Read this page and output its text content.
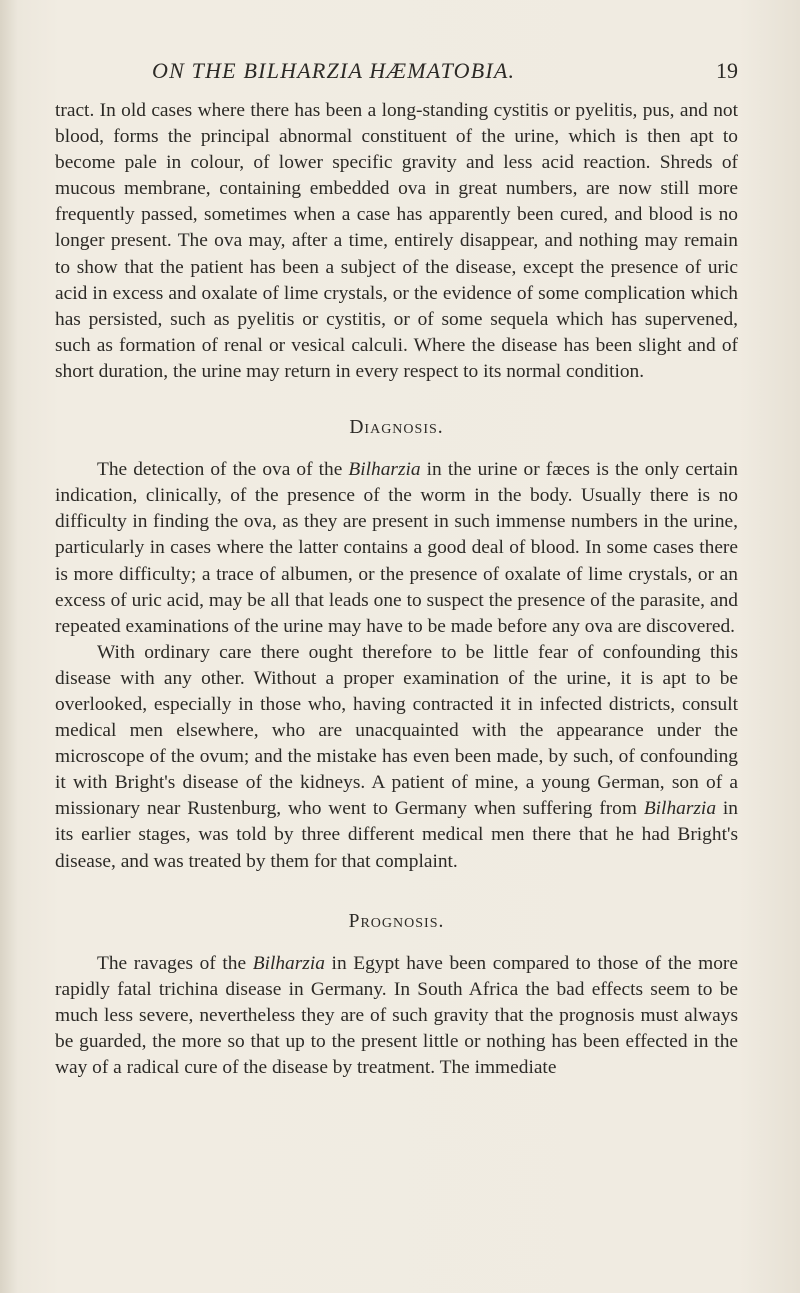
ON THE BILHARZIA HÆMATOBIA.	19

tract. In old cases where there has been a long-standing cystitis or pyelitis, pus, and not blood, forms the principal abnormal constituent of the urine, which is then apt to become pale in colour, of lower specific gravity and less acid reaction. Shreds of mucous membrane, containing embedded ova in great numbers, are now still more frequently passed, sometimes when a case has apparently been cured, and blood is no longer present. The ova may, after a time, entirely disappear, and nothing may remain to show that the patient has been a subject of the disease, except the presence of uric acid in excess and oxalate of lime crystals, or the evidence of some complication which has persisted, such as pyelitis or cystitis, or of some sequela which has supervened, such as formation of renal or vesical calculi. Where the disease has been slight and of short duration, the urine may return in every respect to its normal condition.

Diagnosis.

The detection of the ova of the Bilharzia in the urine or fæces is the only certain indication, clinically, of the presence of the worm in the body. Usually there is no difficulty in finding the ova, as they are present in such immense numbers in the urine, particularly in cases where the latter contains a good deal of blood. In some cases there is more difficulty; a trace of albumen, or the presence of oxalate of lime crystals, or an excess of uric acid, may be all that leads one to suspect the presence of the parasite, and repeated examinations of the urine may have to be made before any ova are discovered.

With ordinary care there ought therefore to be little fear of confounding this disease with any other. Without a proper examination of the urine, it is apt to be overlooked, especially in those who, having contracted it in infected districts, consult medical men elsewhere, who are unacquainted with the appearance under the microscope of the ovum; and the mistake has even been made, by such, of confounding it with Bright's disease of the kidneys. A patient of mine, a young German, son of a missionary near Rustenburg, who went to Germany when suffering from Bilharzia in its earlier stages, was told by three different medical men there that he had Bright's disease, and was treated by them for that complaint.

Prognosis.

The ravages of the Bilharzia in Egypt have been compared to those of the more rapidly fatal trichina disease in Germany. In South Africa the bad effects seem to be much less severe, nevertheless they are of such gravity that the prognosis must always be guarded, the more so that up to the present little or nothing has been effected in the way of a radical cure of the disease by treatment. The immediate
